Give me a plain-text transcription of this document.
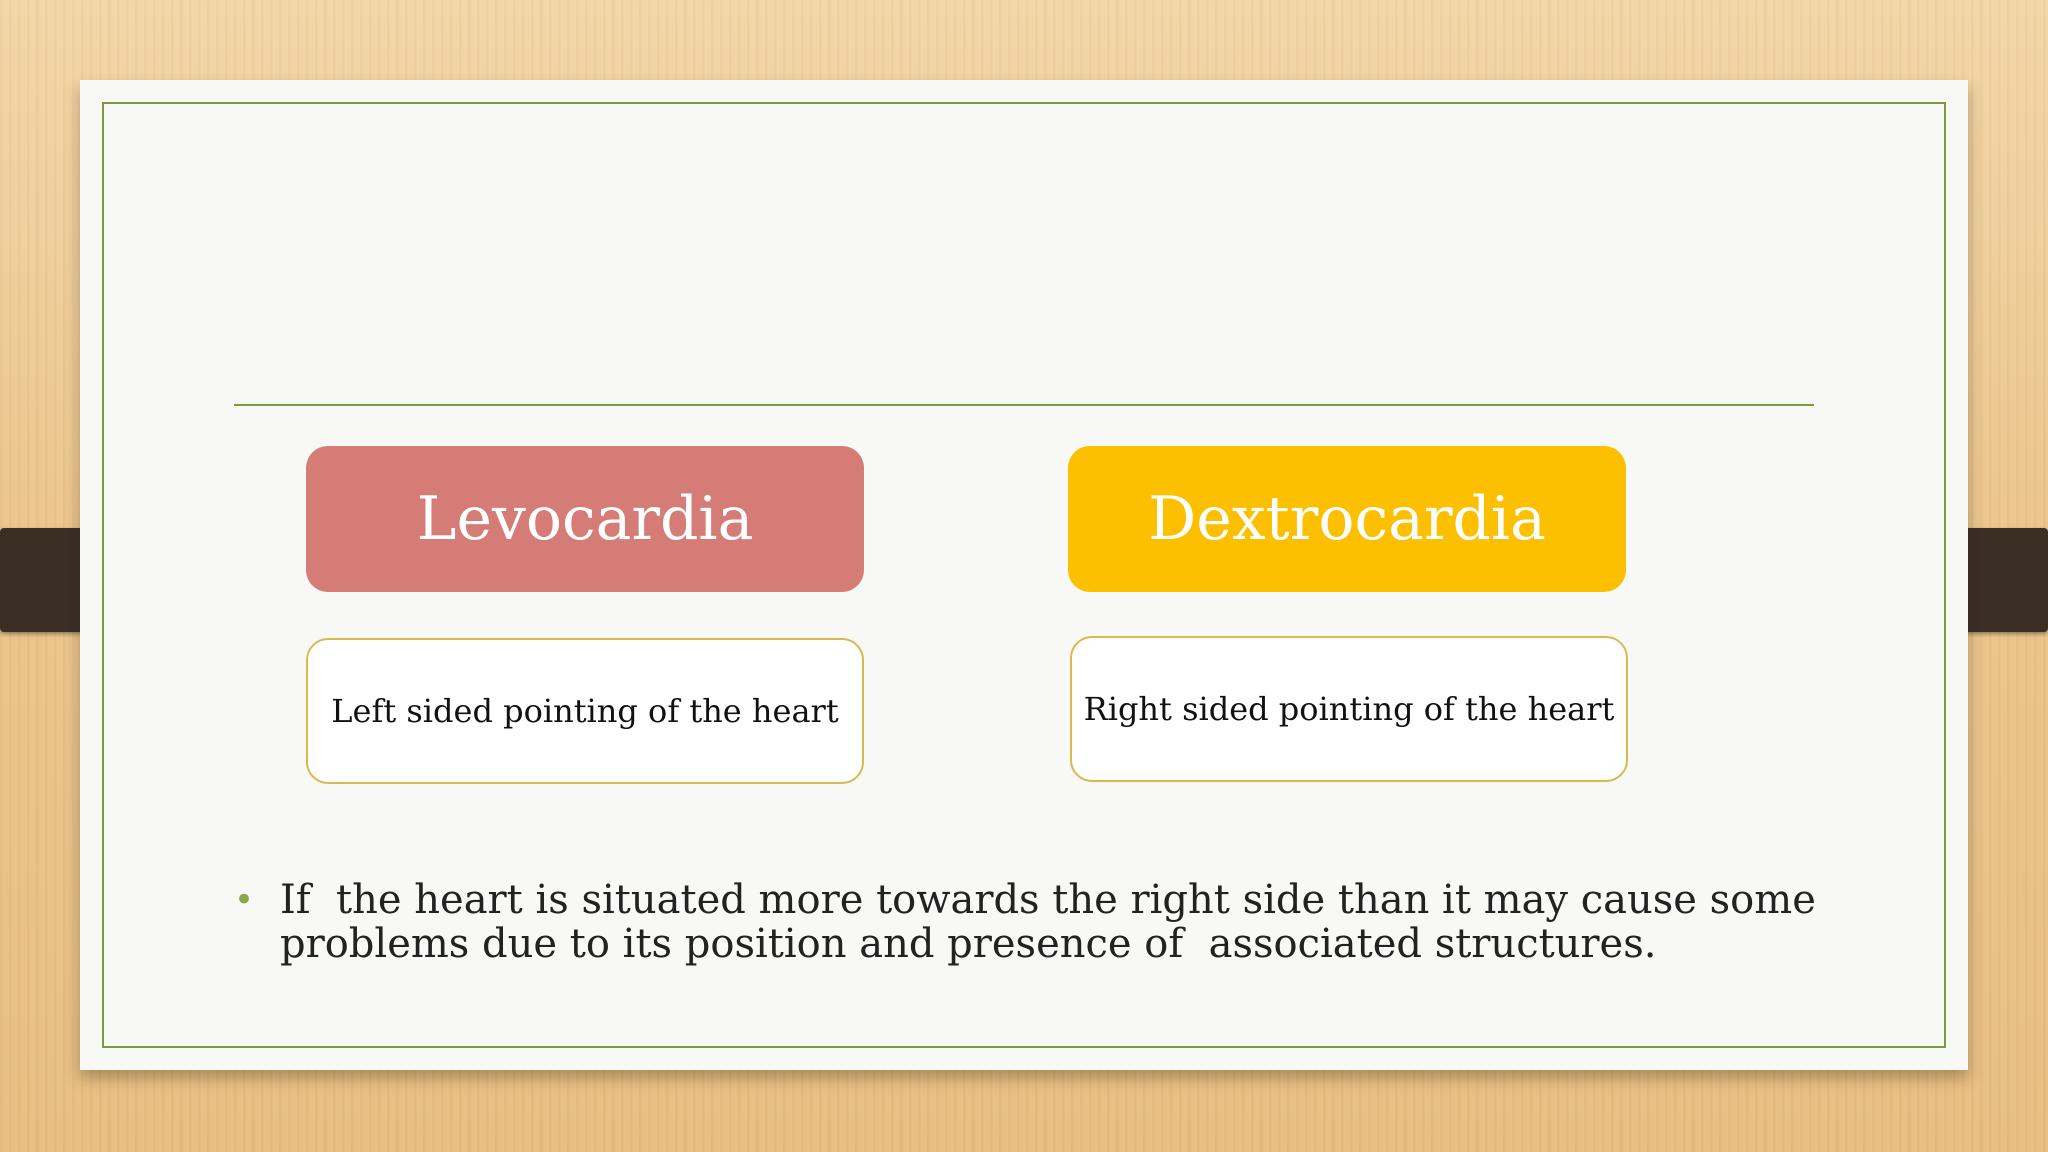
Levocardia	Dextrocardia
Left sided pointing of the heart	Right sided pointing of the heart
• If  the heart is situated more towards the right side than it may cause some problems due to its position and presence of  associated structures.
